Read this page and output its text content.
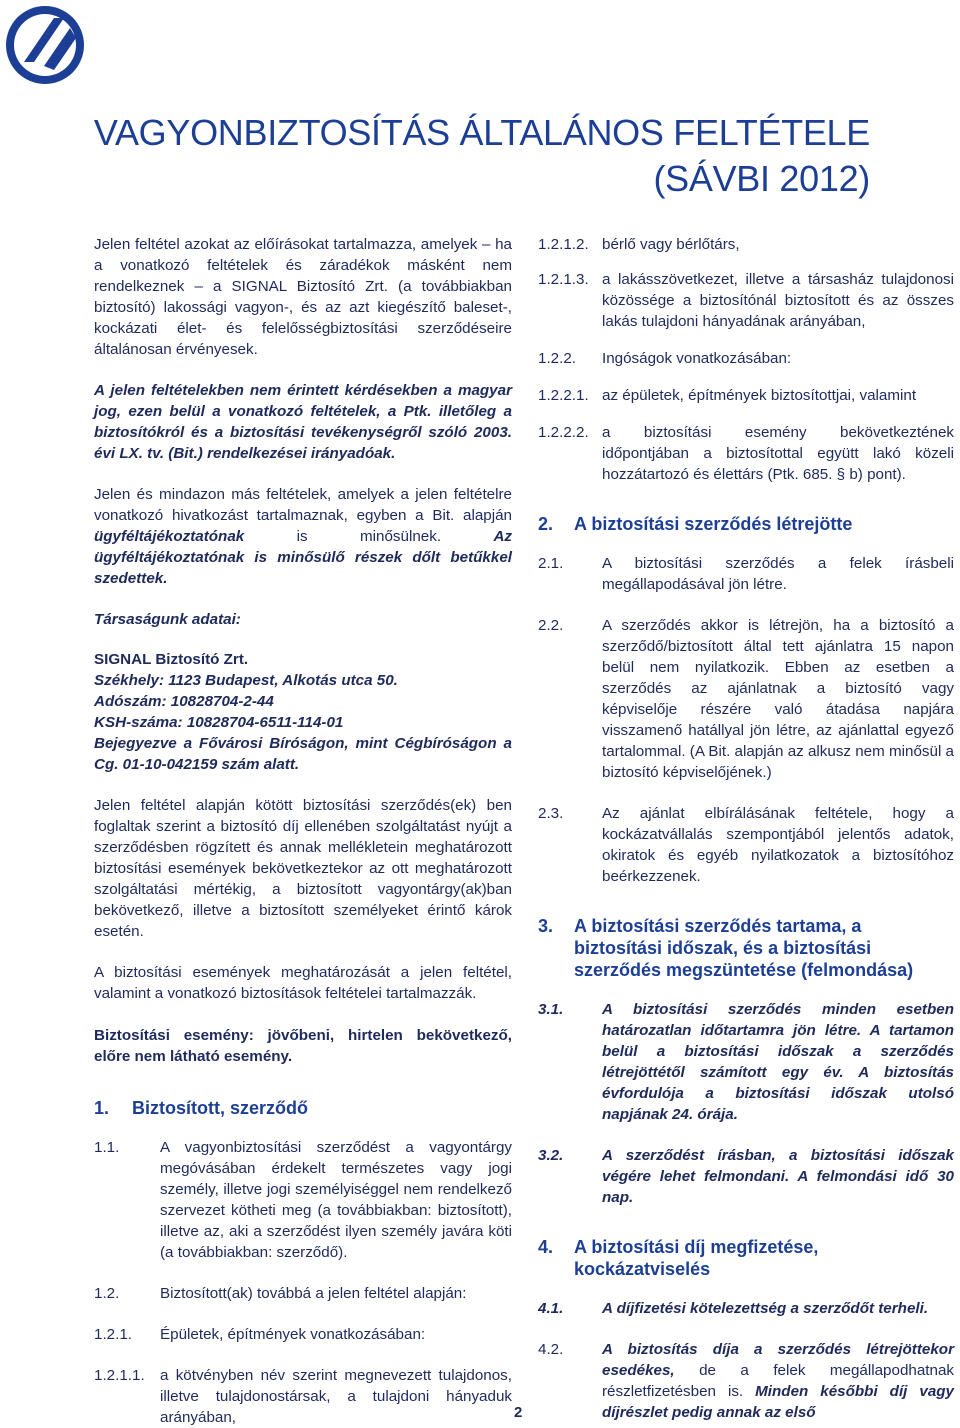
VAGYONBIZTOSÍTÁS ÁLTALÁNOS FELTÉTELE
(SÁVBI 2012)

Jelen feltétel azokat az előírásokat tartalmazza, amelyek – ha a vonatkozó feltételek és záradékok másként nem rendelkeznek – a SIGNAL Biztosító Zrt. (a továbbiakban biztosító) lakossági vagyon-, és az azt kiegészítő baleset-, kockázati élet- és felelősségbiztosítási szerződéseire általánosan érvényesek.

A jelen feltételekben nem érintett kérdésekben a magyar jog, ezen belül a vonatkozó feltételek, a Ptk. illetőleg a biztosítókról és a biztosítási tevékenységről szóló 2003. évi LX. tv. (Bit.) rendelkezései irányadóak.

Jelen és mindazon más feltételek, amelyek a jelen feltételre vonatkozó hivatkozást tartalmaznak, egyben a Bit. alapján ügyféltájékoztatónak is minősülnek. Az ügyféltájékoztatónak is minősülő részek dőlt betűkkel szedettek.

Társaságunk adatai:

SIGNAL Biztosító Zrt.

Székhely: 1123 Budapest, Alkotás utca 50.

Adószám: 10828704-2-44

KSH-száma: 10828704-6511-114-01

Bejegyezve a Fővárosi Bíróságon, mint Cégbíróságon a Cg. 01-10-042159 szám alatt.

Jelen feltétel alapján kötött biztosítási szerződés(ek) ben foglaltak szerint a biztosító díj ellenében szolgáltatást nyújt a szerződésben rögzített és annak mellékletein meghatározott biztosítási események bekövetkeztekor az ott meghatározott szolgáltatási mértékig, a biztosított vagyontárgy(ak)ban bekövetkező, illetve a biztosított személyeket érintő károk esetén.

A biztosítási események meghatározását a jelen feltétel, valamint a vonatkozó biztosítások feltételei tartalmazzák.

Biztosítási esemény: jövőbeni, hirtelen bekövetkező, előre nem látható esemény.

1.	Biztosított, szerződő
1.1.	A vagyonbiztosítási szerződést a vagyontárgy megóvásában érdekelt természetes vagy jogi személy, illetve jogi személyiséggel nem rendelkező szervezet kötheti meg (a továbbiakban: biztosított), illetve az, aki a szerződést ilyen személy javára köti (a továbbiakban: szerződő).
1.2.	Biztosított(ak) továbbá a jelen feltétel alapján:
1.2.1.	Épületek, építmények vonatkozásában:
1.2.1.1.	a kötvényben név szerint megnevezett tulajdonos, illetve tulajdonostársak, a tulajdoni hányaduk arányában,
1.2.1.2. bérlő vagy bérlőtárs,
1.2.1.3. a lakásszövetkezet, illetve a társasház tulajdonosi közössége a biztosítónál biztosított és az összes lakás tulajdoni hányadának arányában,
1.2.2.	Ingóságok vonatkozásában:
1.2.2.1. az épületek, építmények biztosítottjai, valamint
1.2.2.2. a biztosítási esemény bekövetkeztének időpontjában a biztosítottal együtt lakó közeli hozzátartozó és élettárs (Ptk. 685. § b) pont).
2.	A biztosítási szerződés létrejötte
2.1.	A biztosítási szerződés a felek írásbeli megállapodásával jön létre.
2.2.	A szerződés akkor is létrejön, ha a biztosító a szerződő/biztosított által tett ajánlatra 15 napon belül nem nyilatkozik. Ebben az esetben a szerződés az ajánlatnak a biztosító vagy képviselője részére való átadása napjára visszamenő hatállyal jön létre, az ajánlattal egyező tartalommal. (A Bit. alapján az alkusz nem minősül a biztosító képviselőjének.)
2.3.	Az ajánlat elbírálásának feltétele, hogy a kockázatvállalás szempontjából jelentős adatok, okiratok és egyéb nyilatkozatok a biztosítóhoz beérkezzenek.
3.	A biztosítási szerződés tartama, a biztosítási időszak, és a biztosítási szerződés megszüntetése (felmondása)
3.1.	A biztosítási szerződés minden esetben határozatlan időtartamra jön létre. A tartamon belül a biztosítási időszak a szerződés létrejöttétől számított egy év. A biztosítás évfordulója a biztosítási időszak utolsó napjának 24. órája.
3.2.	A szerződést írásban, a biztosítási időszak végére lehet felmondani. A felmondási idő 30 nap.
4.	A biztosítási díj megfizetése, kockázatviselés
4.1.	A díjfizetési kötelezettség a szerződőt terheli.
4.2.	A biztosítás díja a szerződés létrejöttekor esedékes, de a felek megállapodhatnak részletfizetésben is. Minden későbbi díj vagy díjrészlet pedig annak az első
2
